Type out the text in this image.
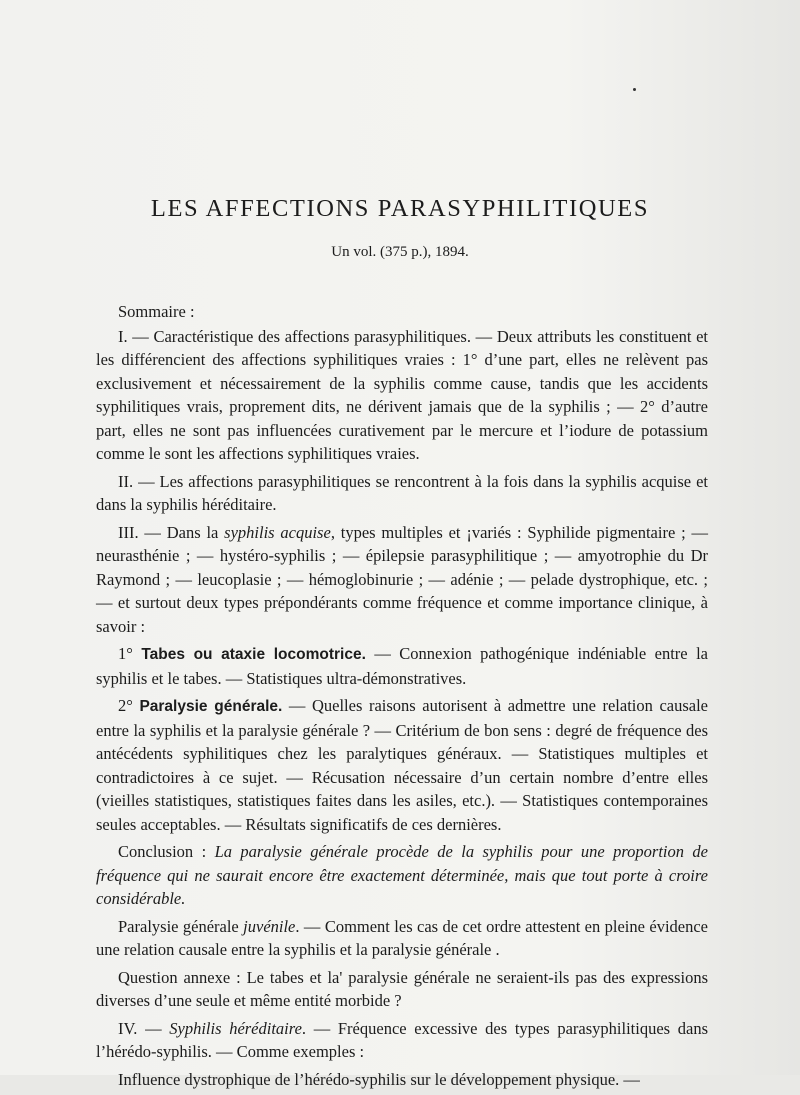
LES AFFECTIONS PARASYPHILITIQUES
Un vol. (375 p.), 1894.

Sommaire :

I. — Caractéristique des affections parasyphilitiques. — Deux attributs les constituent et les différencient des affections syphilitiques vraies : 1° d’une part, elles ne relèvent pas exclusivement et nécessairement de la syphilis comme cause, tandis que les accidents syphilitiques vrais, proprement dits, ne dérivent jamais que de la syphilis ; — 2° d’autre part, elles ne sont pas influencées curativement par le mercure et l’iodure de potassium comme le sont les affections syphilitiques vraies.

II. — Les affections parasyphilitiques se rencontrent à la fois dans la syphilis acquise et dans la syphilis héréditaire.

III. — Dans la syphilis acquise, types multiples et ¡variés : Syphilide pigmentaire ; — neurasthénie ; — hystéro-syphilis ; — épilepsie parasyphilitique ; — amyotrophie du Dr Raymond ; — leucoplasie ; — hémoglobinurie ; — adénie ; — pelade dystrophique, etc. ; — et surtout deux types prépondérants comme fréquence et comme importance clinique, à savoir :

1° Tabes ou ataxie locomotrice. — Connexion pathogénique indéniable entre la syphilis et le tabes. — Statistiques ultra-démonstratives.

2° Paralysie générale. — Quelles raisons autorisent à admettre une relation causale entre la syphilis et la paralysie générale ? — Critérium de bon sens : degré de fréquence des antécédents syphilitiques chez les paralytiques généraux. — Statistiques multiples et contradictoires à ce sujet. — Récusation nécessaire d’un certain nombre d’entre elles (vieilles statistiques, statistiques faites dans les asiles, etc.). — Statistiques contemporaines seules acceptables. — Résultats significatifs de ces dernières.

Conclusion : La paralysie générale procède de la syphilis pour une proportion de fréquence qui ne saurait encore être exactement déterminée, mais que tout porte à croire considérable.

Paralysie générale juvénile. — Comment les cas de cet ordre attestent en pleine évidence une relation causale entre la syphilis et la paralysie générale .

Question annexe : Le tabes et la' paralysie générale ne seraient-ils pas des expressions diverses d’une seule et même entité morbide ?

IV. — Syphilis héréditaire. — Fréquence excessive des types parasyphilitiques dans l’hérédo-syphilis. — Comme exemples :

Influence dystrophique de l’hérédo-syphilis sur le développement physique. —
